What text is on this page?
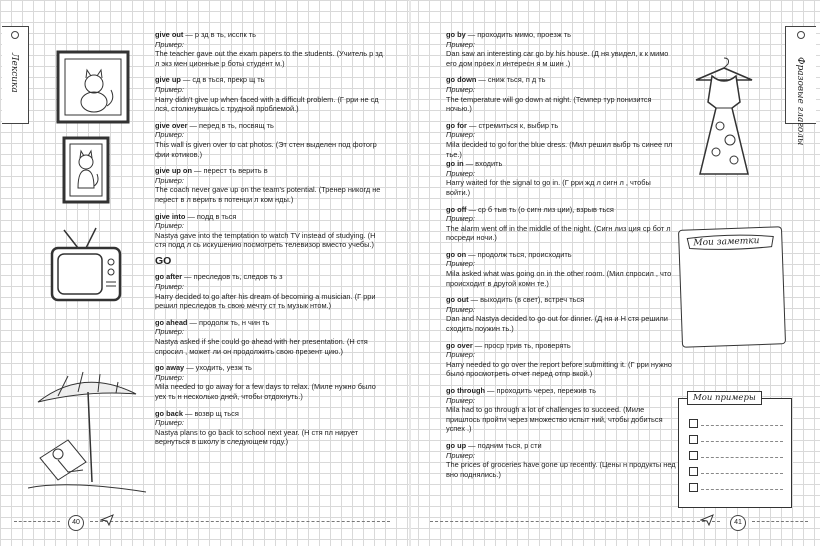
Лексика	Фразовые глаголы
give out — р зд в ть, исспк ть
Пример:
The teacher gave out the exam papers to the students. (Учитель р зд л экз мен ционные р боты студент м.)
give up — сд в ться, прекр щ ть
Пример:
Harry didn't give up when faced with a difficult problem. (Г рри не сд лся, столкнувшись с трудной проблемой.)
give over — перед в ть, посвящ ть
Пример:
This wall is given over to cat photos. (Эт стен выделен под фотогр фии котиков.)
give up on — перест ть верить в
Пример:
The coach never gave up on the team's potential. (Тренер никогд не перест в л верить в потенци л ком нды.)
give into — подд в ться
Пример:
Nastya gave into the temptation to watch TV instead of studying. (Н стя подд л сь искушению посмотреть телевизор вместо учебы.)
GO
go after — преследов ть, следов ть з
Пример:
Harry decided to go after his dream of becoming a musician. (Г рри решил преследов ть свою мечту ст ть музык нтом.)
go ahead — продолж ть, н чин ть
Пример:
Nastya asked if she could go ahead with her presentation. (Н стя спросил , может ли он продолжить свою презент цию.)
go away — уходить, уезж ть
Пример:
Mila needed to go away for a few days to relax. (Миле нужно было уех ть н несколько дней, чтобы отдохнуть.)
go back — возвр щ ться
Пример:
Nastya plans to go back to school next year. (Н стя пл нирует вернуться в школу в следующем году.)
go by — проходить мимо, проезж ть
Пример:
Dan saw an interesting car go by his house. (Д ня увидел, к к мимо его дом проех л интересн я м шин .)
go down — сниж ться, п д ть
Пример:
The temperature will go down at night. (Темпер тур понизится ночью.)
go for — стремиться к, выбир ть
Пример:
Mila decided to go for the blue dress. (Мил решил выбр ть синее пл тье.)
go in — входить
Пример:
Harry waited for the signal to go in. (Г рри жд л сигн л , чтобы войти.)
go off — ср б тыв ть (о сигн лиз ции), взрыв ться
Пример:
The alarm went off in the middle of the night. (Сигн лиз ция ср бот л посреди ночи.)
go on — продолж ться, происходить
Пример:
Mila asked what was going on in the other room. (Мил спросил , что происходит в другой комн те.)
go out — выходить (в свет), встреч ться
Пример:
Dan and Nastya decided to go out for dinner. (Д ня и Н стя решили сходить поужин ть.)
go over — проср трив ть, проверять
Пример:
Harry needed to go over the report before submitting it. (Г рри нужно было просмотреть отчет перед отпр вкой.)
go through — проходить через, пережив ть
Пример:
Mila had to go through a lot of challenges to succeed. (Миле пришлось пройти через множество испыт ний, чтобы добиться успех .)
go up — подним ться, р сти
Пример:
The prices of groceries have gone up recently. (Цены н продукты нед вно поднялись.)
Мои заметки
Мои примеры
40	41
